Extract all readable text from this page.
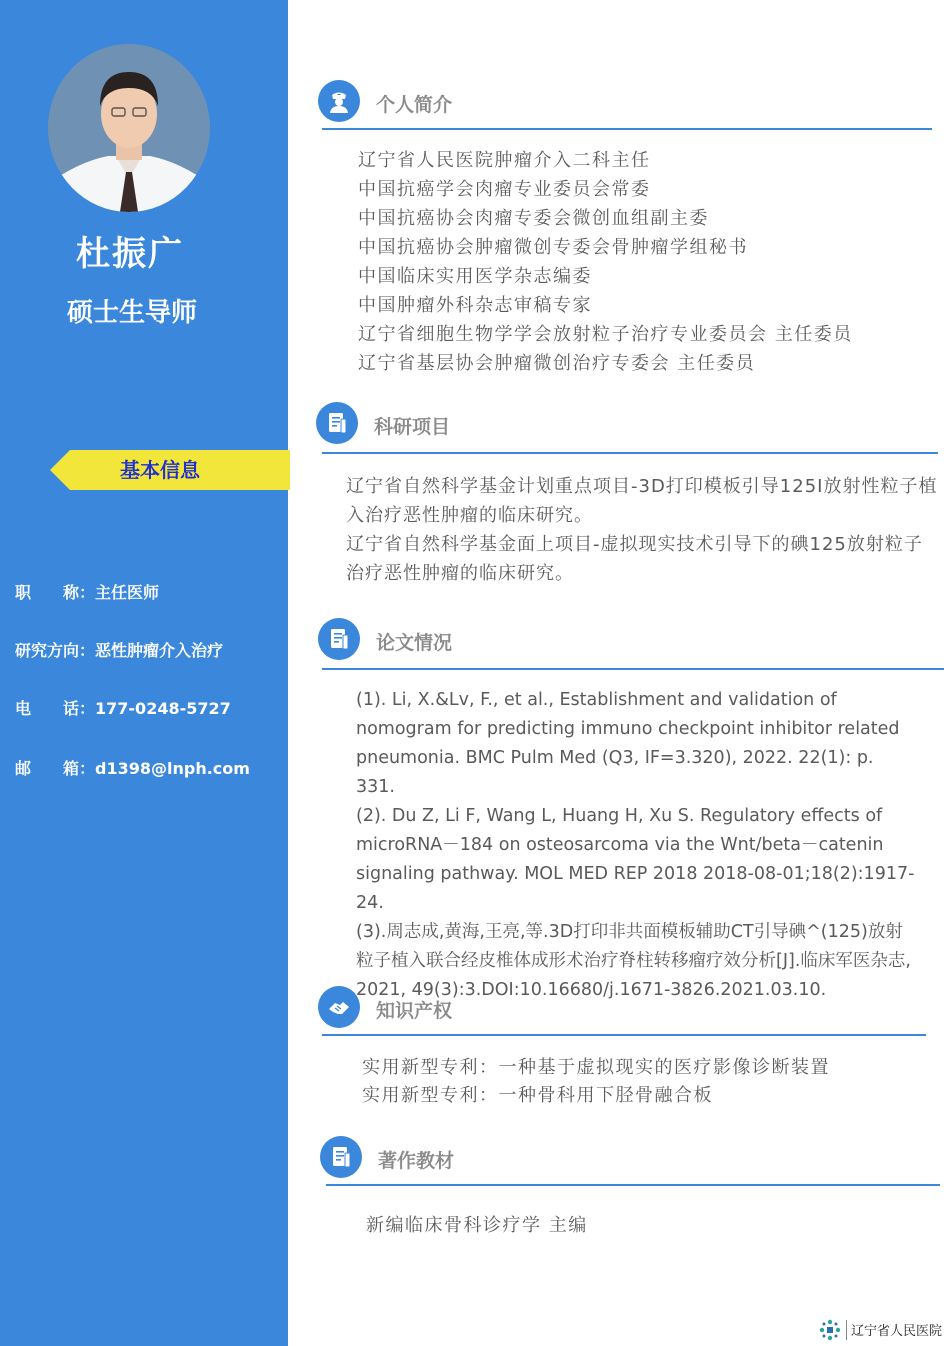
杜振广
硕士生导师
基本信息
职　　称：主任医师
研究方向：恶性肿瘤介入治疗
电　　话：177-0248-5727
邮　　箱：d1398@lnph.com
个人简介
辽宁省人民医院肿瘤介入二科主任
中国抗癌学会肉瘤专业委员会常委
中国抗癌协会肉瘤专委会微创血组副主委
中国抗癌协会肿瘤微创专委会骨肿瘤学组秘书
中国临床实用医学杂志编委
中国肿瘤外科杂志审稿专家
辽宁省细胞生物学学会放射粒子治疗专业委员会 主任委员
辽宁省基层协会肿瘤微创治疗专委会 主任委员
科研项目

辽宁省自然科学基金计划重点项目-3D打印模板引导125I放射性粒子植入治疗恶性肿瘤的临床研究。

辽宁省自然科学基金面上项目-虚拟现实技术引导下的碘125放射粒子治疗恶性肿瘤的临床研究。

论文情况

(1). Li, X.&Lv, F., et al., Establishment and validation of nomogram for predicting immuno checkpoint inhibitor related pneumonia. BMC Pulm Med (Q3, IF=3.320), 2022. 22(1): p. 331.

(2). Du Z, Li F, Wang L, Huang H, Xu S. Regulatory effects of microRNA－184 on osteosarcoma via the Wnt/beta－catenin　signaling pathway. MOL MED REP 2018 2018-08-01;18(2):1917-24.

(3).周志成,黄海,王亮,等.3D打印非共面模板辅助CT引导碘^(125)放射粒子植入联合经皮椎体成形术治疗脊柱转移瘤疗效分析[J].临床军医杂志, 2021, 49(3):3.DOI:10.16680/j.1671-3826.2021.03.10.

知识产权
实用新型专利：一种基于虚拟现实的医疗影像诊断装置
实用新型专利：一种骨科用下胫骨融合板
著作教材
新编临床骨科诊疗学 主编
辽宁省人民医院
